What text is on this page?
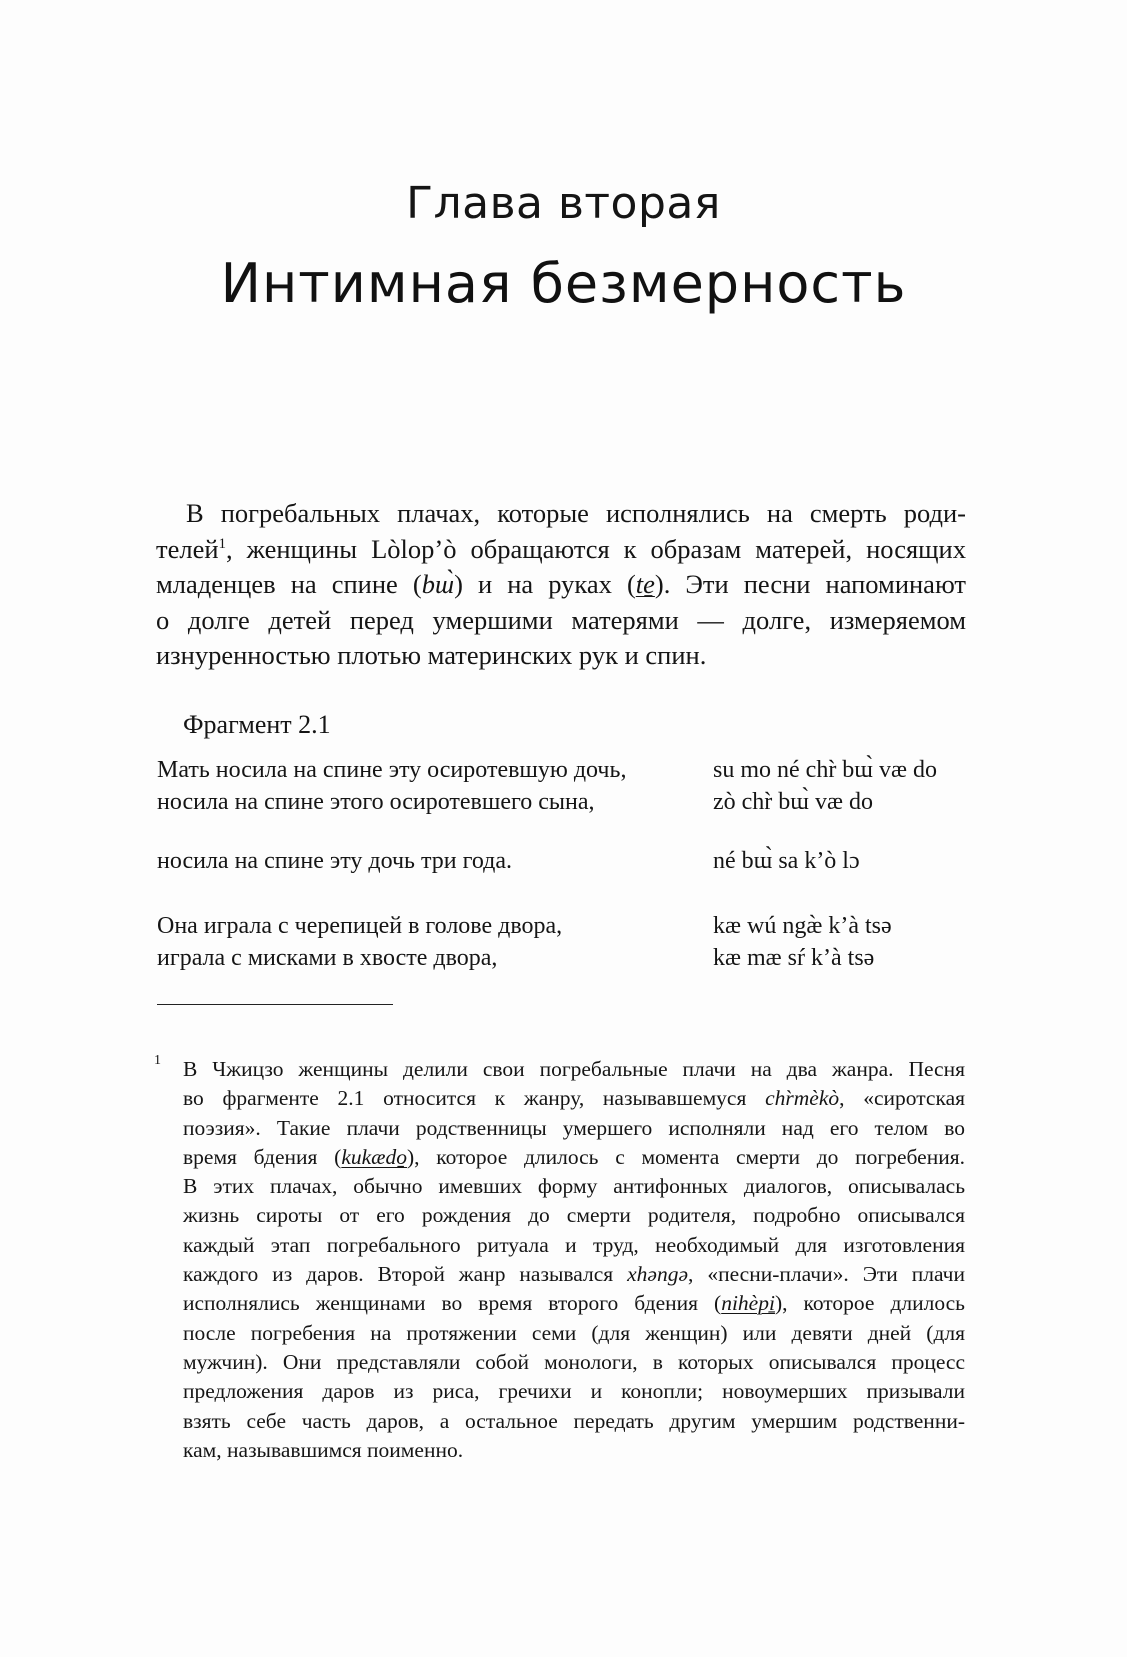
Глава вторая
Интимная безмерность

В погребальных плачах, которые исполнялись на смерть роди-
телей$^1$, женщины Lòlopʼò обращаются к образам матерей, носящих
младенцев на спине (bɯ̀) и на руках (te̱). Эти песни напоминают
о долге детей перед умершими матерями — долге, измеряемом
изнуренностью плотью материнских рук и спин.

Фрагмент 2.1
Мать носила на спине эту осиротевшую дочь,	su mo né chr̀ bɯ̀ væ do
носила на спине этого осиротевшего сына,	zò chr̀ bɯ̀ væ do
носила на спине эту дочь три года.	né bɯ̀ sa kʼò lɔ
Она играла с черепицей в голове двора,	kæ wú ngæ̀ kʼà tsə
играла с мисками в хвосте двора,	kæ mæ sŕ kʼà tsə
1 В Чжицзо женщины делили свои погребальные плачи на два жанра. Песня
во фрагменте 2.1 относится к жанру, называвшемуся chr̀mèkò, «сиротская
поэзия». Такие плачи родственницы умершего исполняли над его телом во
время бдения (kukædo̱), которое длилось с момента смерти до погребения.
В этих плачах, обычно имевших форму антифонных диалогов, описывалась
жизнь сироты от его рождения до смерти родителя, подробно описывался
каждый этап погребального ритуала и труд, необходимый для изготовления
каждого из даров. Второй жанр назывался xhəngə, «песни-плачи». Эти плачи
исполнялись женщинами во время второго бдения (nihèpi̱), которое длилось
после погребения на протяжении семи (для женщин) или девяти дней (для
мужчин). Они представляли собой монологи, в которых описывался процесс
предложения даров из риса, гречихи и конопли; новоумерших призывали
взять себе часть даров, а остальное передать другим умершим родственни-
кам, называвшимся поименно.
